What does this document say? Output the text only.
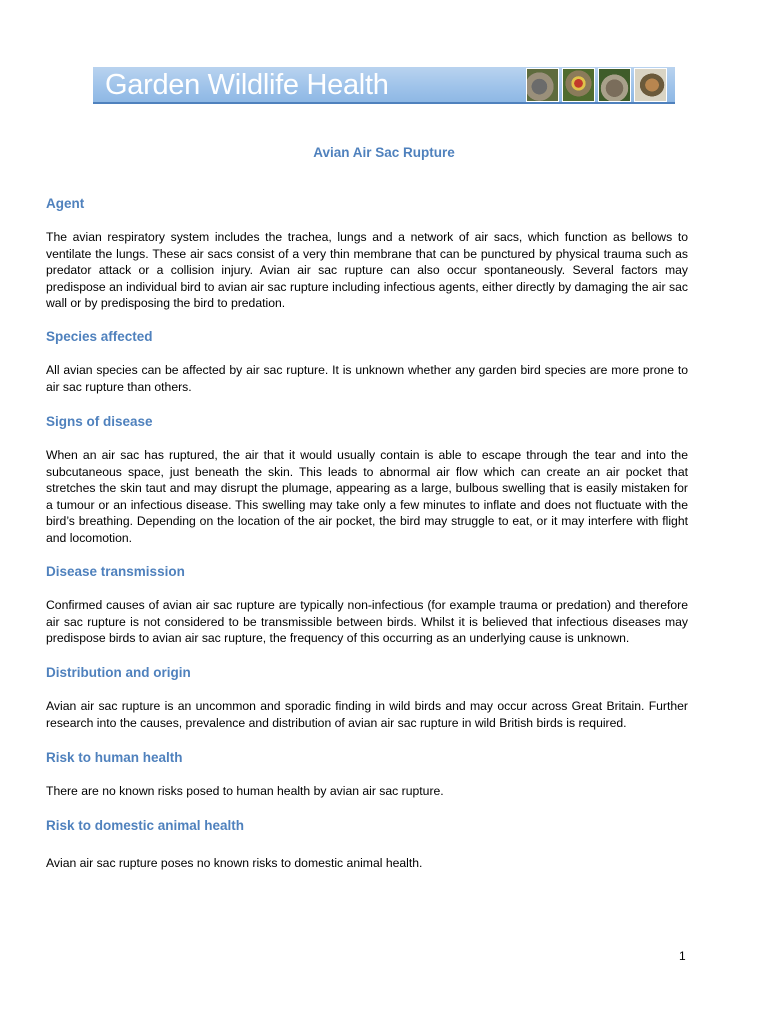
Garden Wildlife Health
Avian Air Sac Rupture
Agent

The avian respiratory system includes the trachea, lungs and a network of air sacs, which function as bellows to ventilate the lungs. These air sacs consist of a very thin membrane that can be punctured by physical trauma such as predator attack or a collision injury. Avian air sac rupture can also occur spontaneously. Several factors may predispose an individual bird to avian air sac rupture including infectious agents, either directly by damaging the air sac wall or by predisposing the bird to predation.

Species affected

All avian species can be affected by air sac rupture. It is unknown whether any garden bird species are more prone to air sac rupture than others.

Signs of disease

When an air sac has ruptured, the air that it would usually contain is able to escape through the tear and into the subcutaneous space, just beneath the skin. This leads to abnormal air flow which can create an air pocket that stretches the skin taut and may disrupt the plumage, appearing as a large, bulbous swelling that is easily mistaken for a tumour or an infectious disease. This swelling may take only a few minutes to inflate and does not fluctuate with the bird’s breathing. Depending on the location of the air pocket, the bird may struggle to eat, or it may interfere with flight and locomotion.

Disease transmission

Confirmed causes of avian air sac rupture are typically non-infectious (for example trauma or predation) and therefore air sac rupture is not considered to be transmissible between birds. Whilst it is believed that infectious diseases may predispose birds to avian air sac rupture, the frequency of this occurring as an underlying cause is unknown.

Distribution and origin

Avian air sac rupture is an uncommon and sporadic finding in wild birds and may occur across Great Britain. Further research into the causes, prevalence and distribution of avian air sac rupture in wild British birds is required.

Risk to human health

There are no known risks posed to human health by avian air sac rupture.

Risk to domestic animal health

Avian air sac rupture poses no known risks to domestic animal health.

1
